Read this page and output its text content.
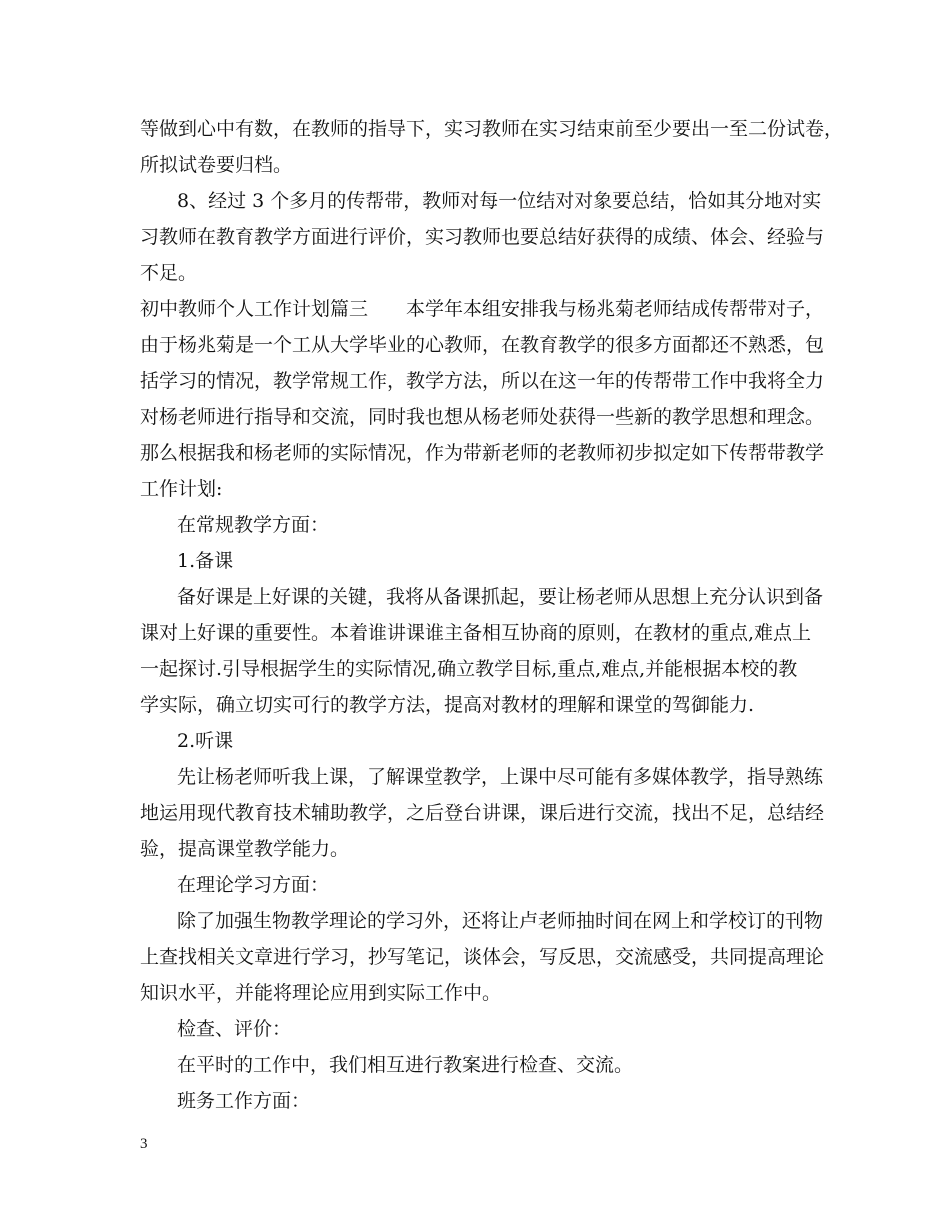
等做到心中有数，在教师的指导下，实习教师在实习结束前至少要出一至二份试卷，
所拟试卷要归档。
8、经过 3 个多月的传帮带，教师对每一位结对对象要总结，恰如其分地对实
习教师在教育教学方面进行评价，实习教师也要总结好获得的成绩、体会、经验与
不足。
初中教师个人工作计划篇三　　本学年本组安排我与杨兆菊老师结成传帮带对子，
由于杨兆菊是一个工从大学毕业的心教师，在教育教学的很多方面都还不熟悉，包
括学习的情况，教学常规工作，教学方法，所以在这一年的传帮带工作中我将全力
对杨老师进行指导和交流，同时我也想从杨老师处获得一些新的教学思想和理念。
那么根据我和杨老师的实际情况，作为带新老师的老教师初步拟定如下传帮带教学
工作计划:
在常规教学方面：
1.备课
备好课是上好课的关键，我将从备课抓起，要让杨老师从思想上充分认识到备
课对上好课的重要性。本着谁讲课谁主备相互协商的原则，在教材的重点,难点上
一起探讨.引导根据学生的实际情况,确立教学目标,重点,难点,并能根据本校的教
学实际，确立切实可行的教学方法，提高对教材的理解和课堂的驾御能力.
2.听课
先让杨老师听我上课，了解课堂教学，上课中尽可能有多媒体教学，指导熟练
地运用现代教育技术辅助教学，之后登台讲课，课后进行交流，找出不足，总结经
验，提高课堂教学能力。
在理论学习方面：
除了加强生物教学理论的学习外，还将让卢老师抽时间在网上和学校订的刊物
上查找相关文章进行学习，抄写笔记，谈体会，写反思，交流感受，共同提高理论
知识水平，并能将理论应用到实际工作中。
检查、评价：
在平时的工作中，我们相互进行教案进行检查、交流。
班务工作方面：
3
